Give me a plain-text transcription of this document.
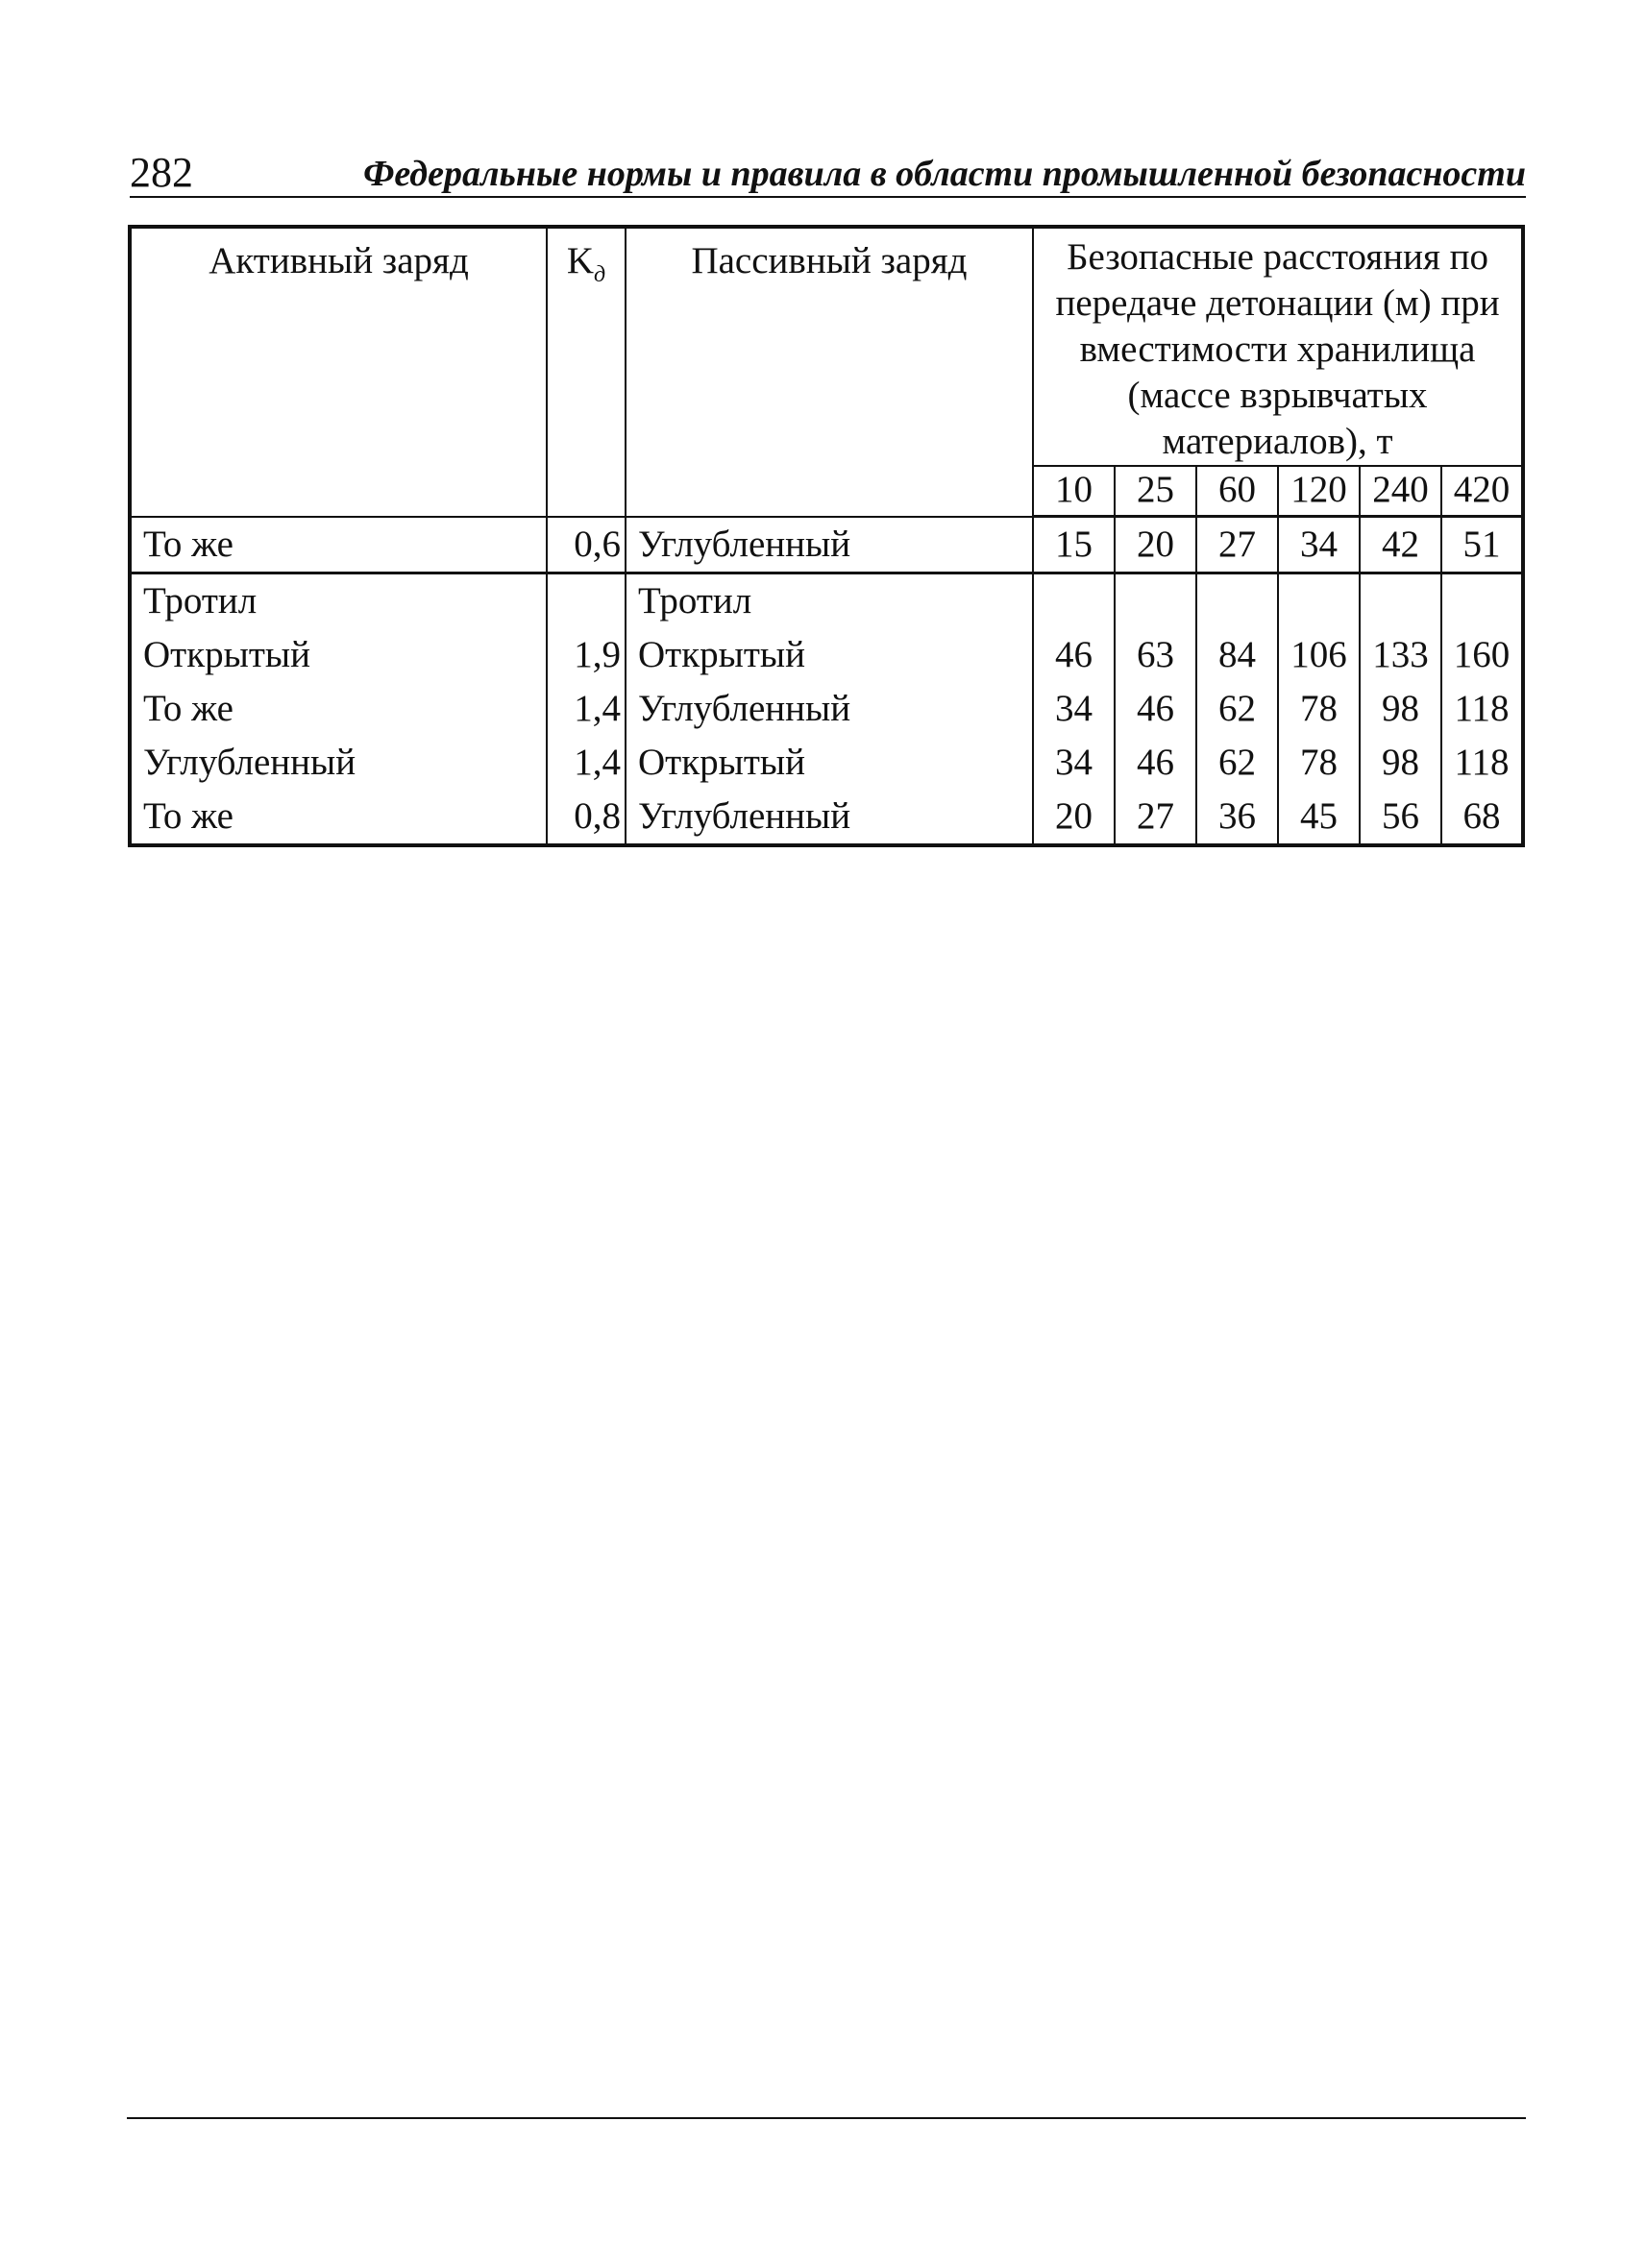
282	Федеральные нормы и правила в области промышленной безопасности
Активный заряд	$K_д$	Пассивный заряд	Безопасные расстояния по передаче детонации (м) при вместимости хранилища (массе взрывчатых материалов), т					
			10	25	60	120	240	420
То же	0,6	Углубленный	15	20	27	34	42	51
Тротил		Тротил						
Открытый	1,9	Открытый	46	63	84	106	133	160
То же	1,4	Углубленный	34	46	62	78	98	118
Углубленный	1,4	Открытый	34	46	62	78	98	118
То же	0,8	Углубленный	20	27	36	45	56	68
